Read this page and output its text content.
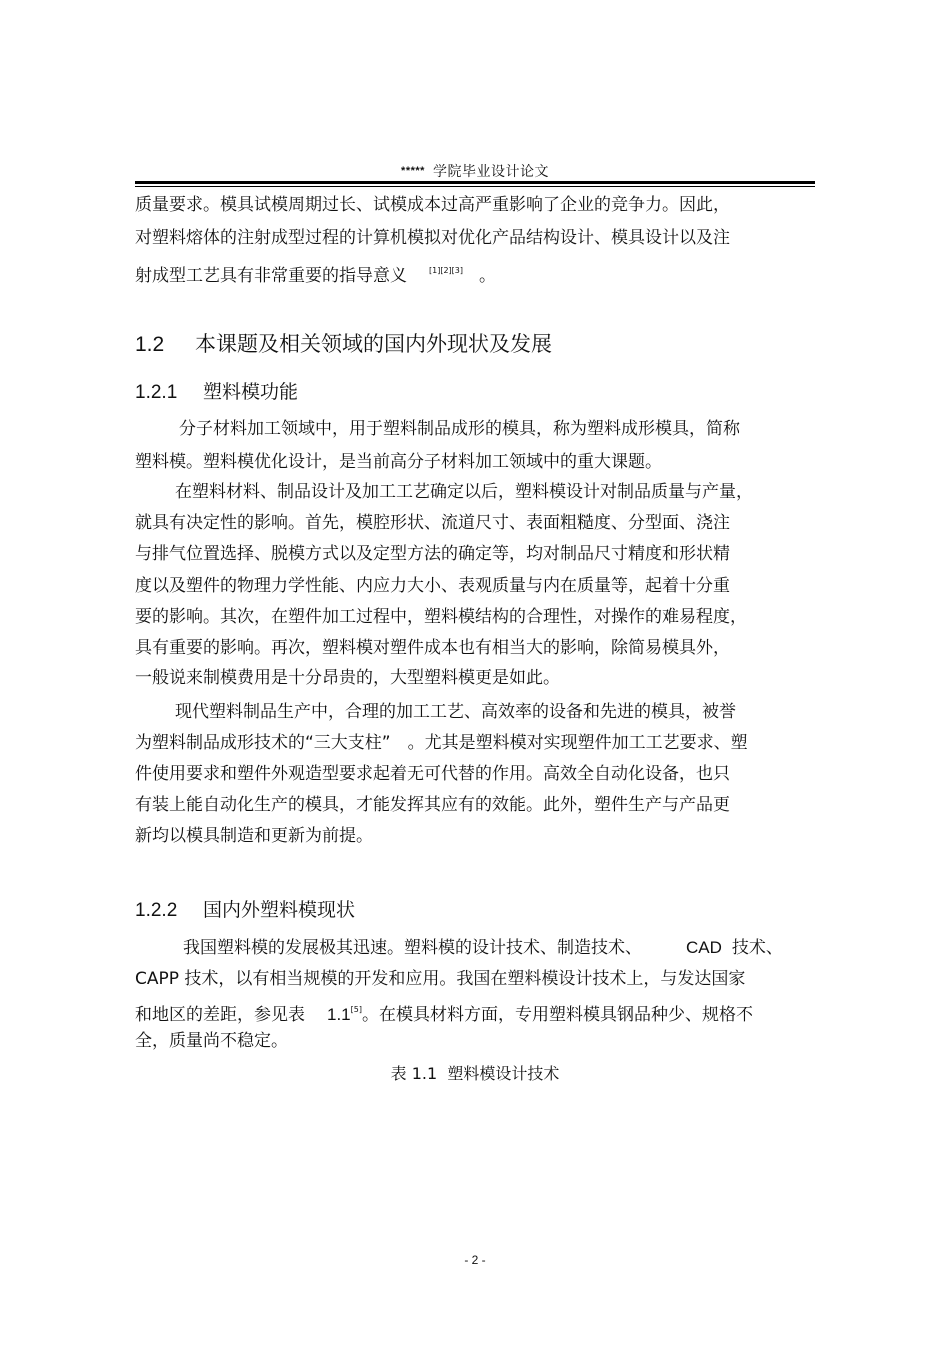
***** 学院毕业设计论文
质量要求。模具试模周期过长、试模成本过高严重影响了企业的竞争力。因此，
对塑料熔体的注射成型过程的计算机模拟对优化产品结构设计、模具设计以及注
射成型工艺具有非常重要的指导意义	[1][2][3] 。
1.2 本课题及相关领域的国内外现状及发展
1.2.1 塑料模功能
分子材料加工领域中，用于塑料制品成形的模具，称为塑料成形模具，简称
塑料模。塑料模优化设计，是当前高分子材料加工领域中的重大课题。
在塑料材料、制品设计及加工工艺确定以后，塑料模设计对制品质量与产量，
就具有决定性的影响。首先，模腔形状、流道尺寸、表面粗糙度、分型面、浇注
与排气位置选择、脱模方式以及定型方法的确定等，均对制品尺寸精度和形状精
度以及塑件的物理力学性能、内应力大小、表观质量与内在质量等，起着十分重
要的影响。其次，在塑件加工过程中，塑料模结构的合理性，对操作的难易程度，
具有重要的影响。再次，塑料模对塑件成本也有相当大的影响，除简易模具外，
一般说来制模费用是十分昂贵的，大型塑料模更是如此。
现代塑料制品生产中，合理的加工工艺、高效率的设备和先进的模具，被誉
为塑料制品成形技术的“三大支柱”　。尤其是塑料模对实现塑件加工工艺要求、塑
件使用要求和塑件外观造型要求起着无可代替的作用。高效全自动化设备，也只
有装上能自动化生产的模具，才能发挥其应有的效能。此外，塑件生产与产品更
新均以模具制造和更新为前提。
1.2.2 国内外塑料模现状
我国塑料模的发展极其迅速。塑料模的设计技术、制造技术、	CAD 技术、
CAPP 技术，以有相当规模的开发和应用。我国在塑料模设计技术上，与发达国家
和地区的差距，参见表 1.1[5]。在模具材料方面，专用塑料模具钢品种少、规格不
全，质量尚不稳定。
表 1.1 塑料模设计技术
- 2 -
